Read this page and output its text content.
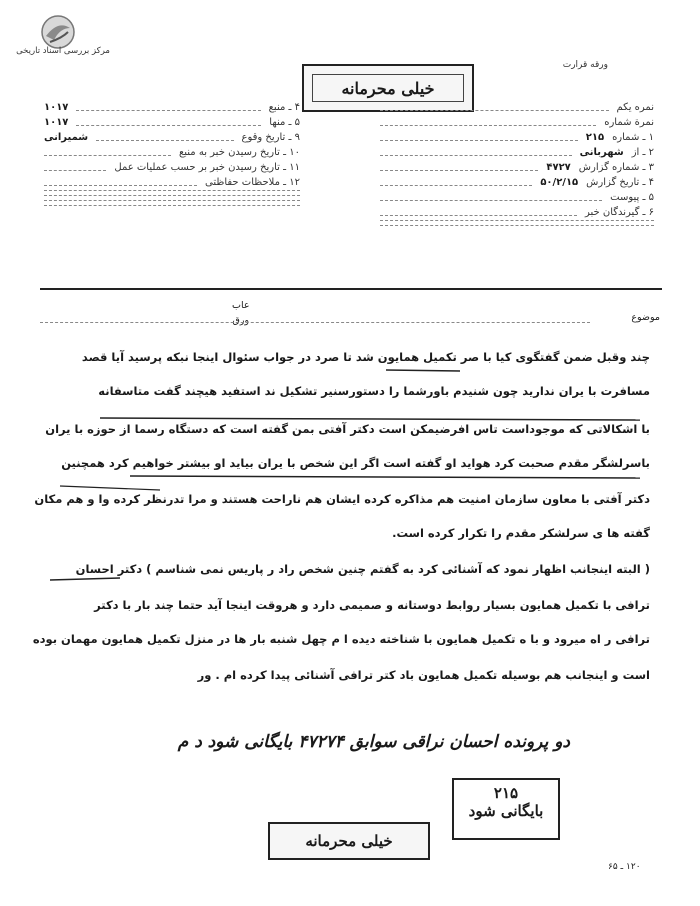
مرکز بررسی اسناد تاریخی
ورقه قرارت
خیلی محرمانه
۴ ـ منبع
۱۰۱۷
۵ ـ منها
۱۰۱۷
۹ ـ تاریخ وقوع
شمیرانی
۱۰ ـ تاریخ رسیدن خبر به منبع
۱۱ ـ تاریخ رسیدن خبر بر حسب عملیات عمل
۱۲ ـ ملاحظات حفاظتی
نمره یکم
نمرة شماره
۱ ـ شماره
۲۱۵
۲ ـ از
شهربانی
۳ ـ شماره گزارش
۴۷۲۷
۴ ـ تاریخ گزارش
۵۰/۲/۱۵
۵ ـ پیوست
۶ ـ گیرندگان خبر
عاب
ورق	موضوع
چند وقبل ضمن گفتگوی کیا با صر تکمیل همایون شد تا صرد در جواب سئوال اینجا نبکه پرسید آیا قصد
مسافرت با یران ندارید چون شنیدم باورشما را دستورسنیر تشکیل ند استفید هیچند گفت متاسفانه
با اشکالاتی که موجوداست تاس افرضیمکن است دکتر آفتی بمن گفته است که دستگاه رسما از حوزه با یران
باسرلشگر مقدم صحبت کرد هواید او گفته است اگر این شخص با یران بیاید او بیشتر خواهیم کرد همچنین
دکتر آفتی با معاون سازمان امنیت هم مذاکره کرده ایشان هم ناراحت هستند و مرا تدرنظر کرده وا و هم مکان
گفته ها ی سرلشکر مقدم را تکرار کرده است.
( البته اینجانب اظهار نمود که آشنائی کرد به گفتم چنین شخص راد ر پاریس نمی شناسم ) دکتر احسان
ترافی با تکمیل همایون بسیار روابط دوستانه و صمیمی دارد و هروقت اینجا آید حتما چند بار با دکتر
ترافی ر اه میرود و با ه تکمیل همایون با شناخته دیده ا م چهل شنبه بار ها در منزل تکمیل همایون مهمان بوده
است و اینجانب هم بوسیله تکمیل همایون باد کتر ترافی آشنائی پیدا کرده ام . ور
دو پرونده احسان نراقی سوابق ۴۷۲۷۴ بایگانی شود د م
۲۱۵
بایگانی شود
خیلی محرمانه
۱۲۰ ـ ۶۵
